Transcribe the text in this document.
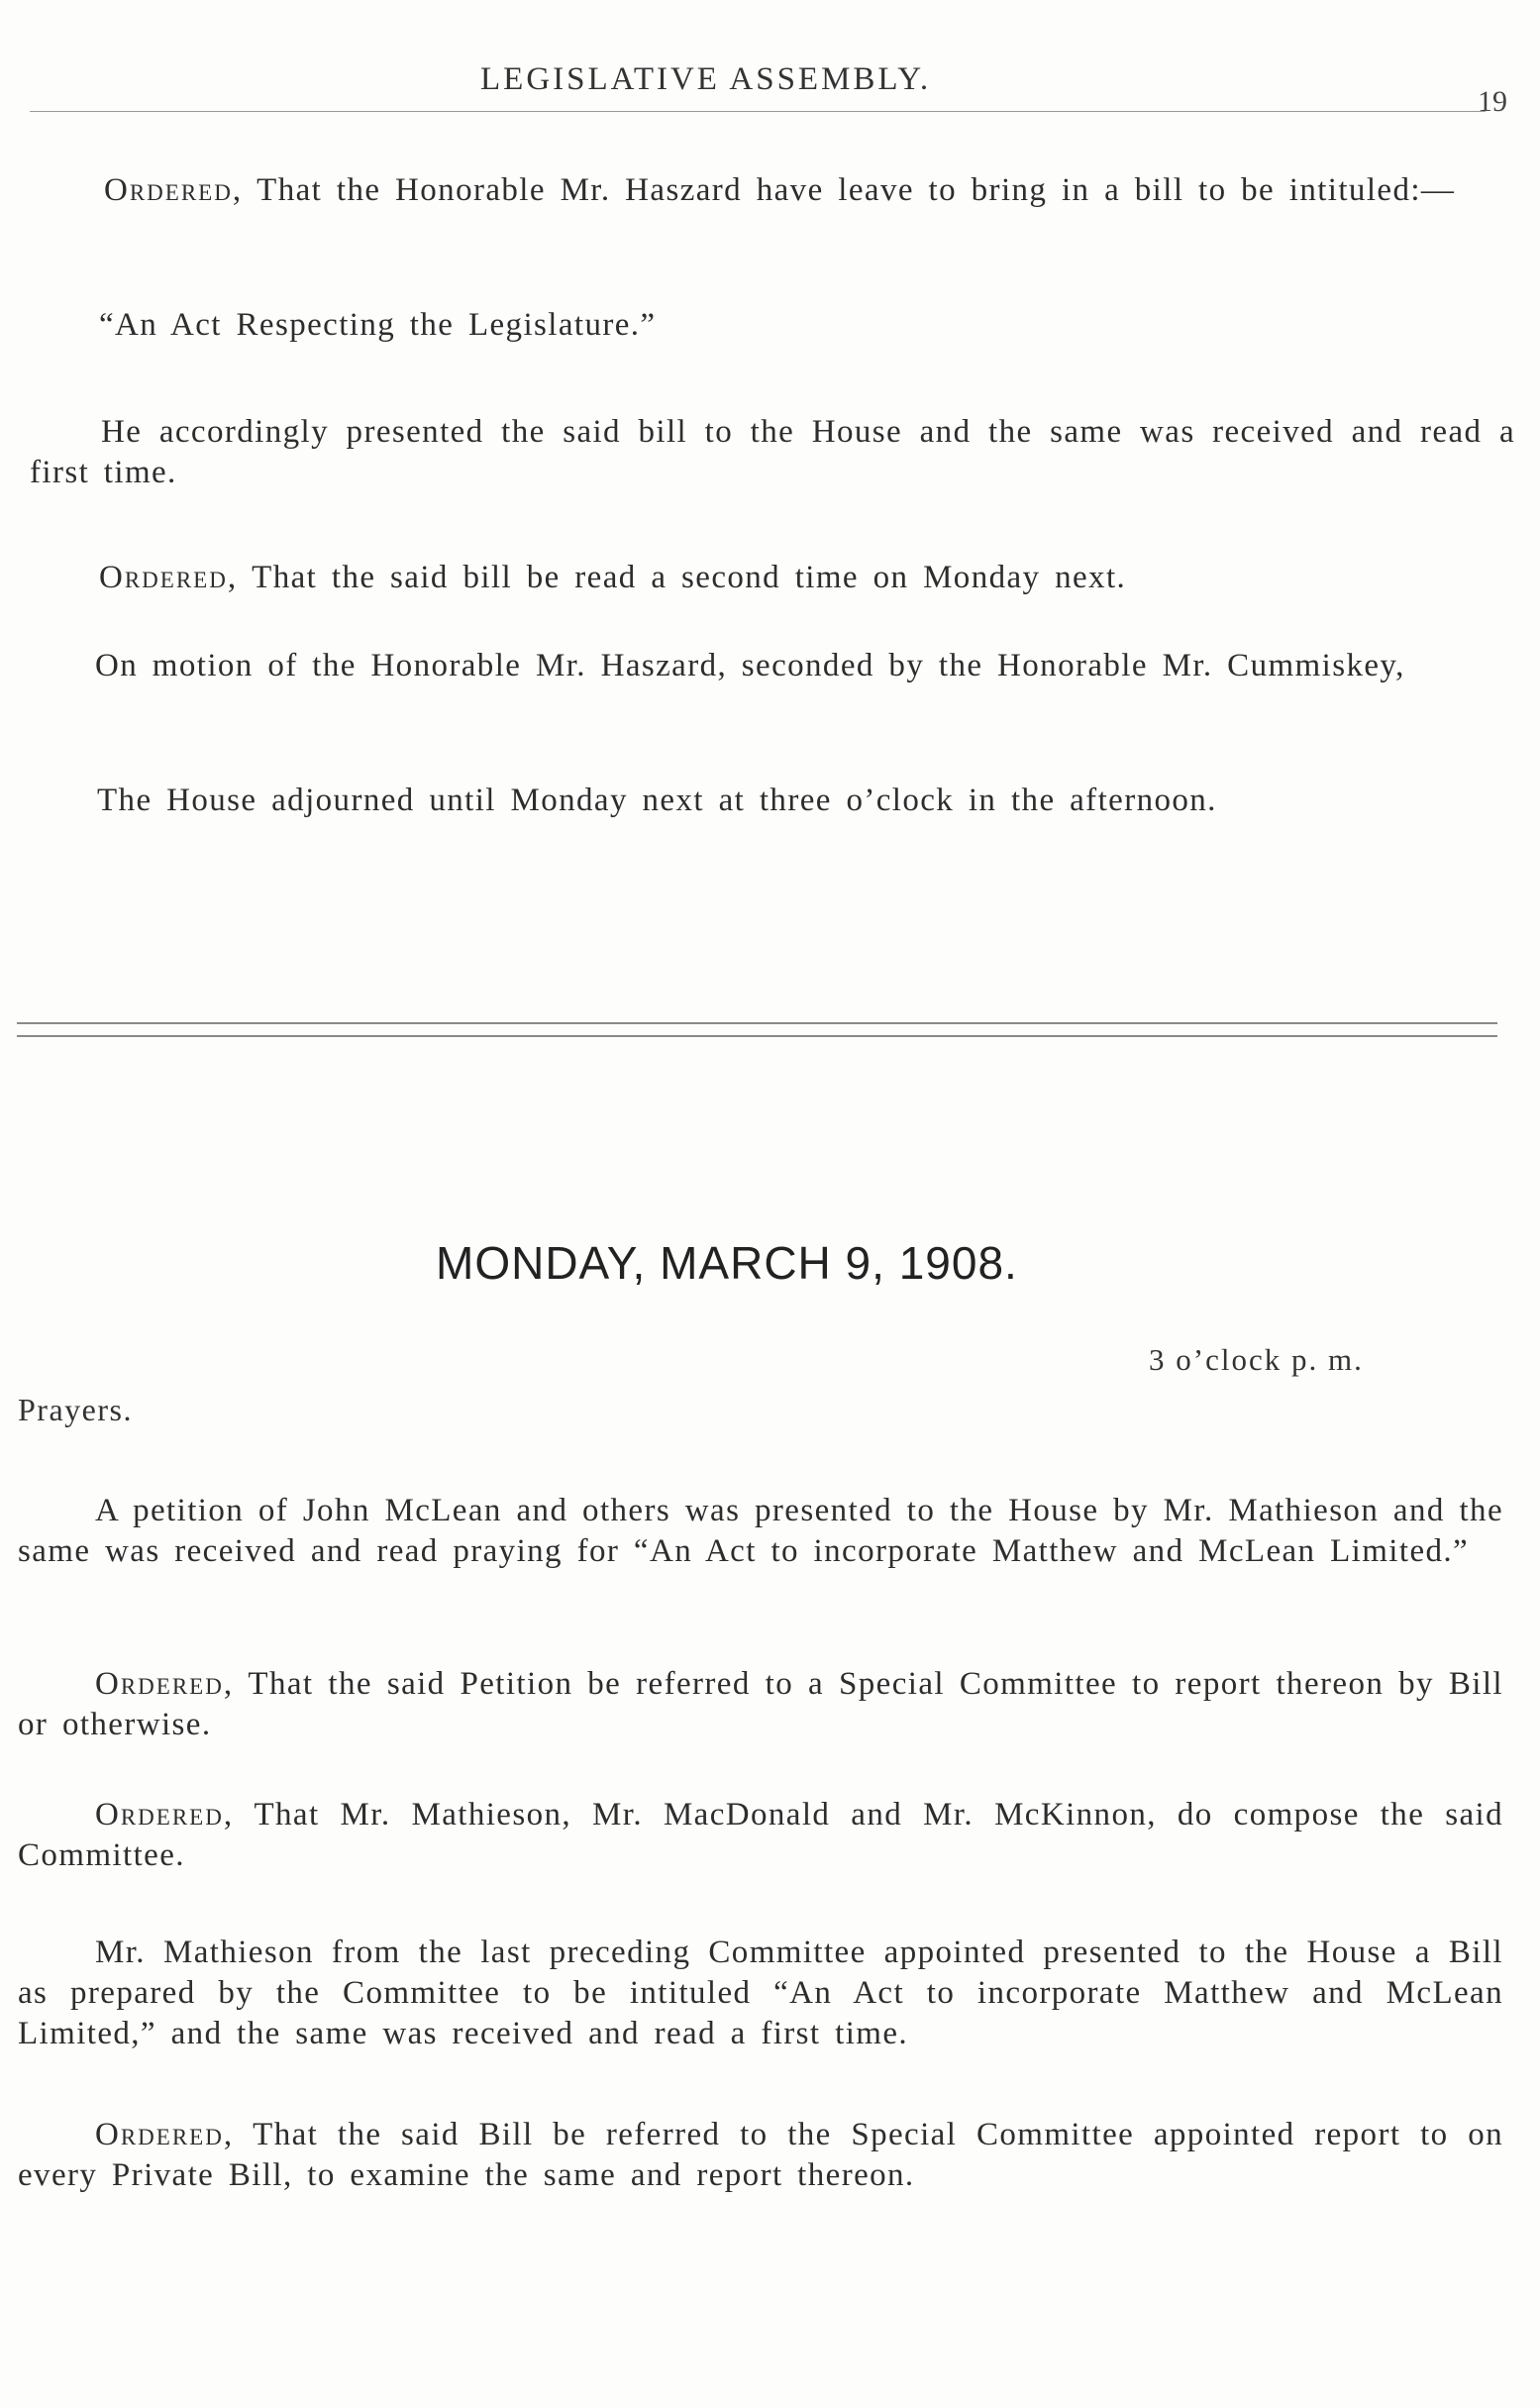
LEGISLATIVE ASSEMBLY.
19

Ordered, That the Honorable Mr. Haszard have leave to bring in a bill to be intituled:—

“An Act Respecting the Legislature.”

He accordingly presented the said bill to the House and the same was received and read a first time.

Ordered, That the said bill be read a second time on Monday next.

On motion of the Honorable Mr. Haszard, seconded by the Honorable Mr. Cummiskey,

The House adjourned until Monday next at three o’clock in the afternoon.

MONDAY, MARCH 9, 1908.
3 o’clock p. m.
Prayers.

A petition of John McLean and others was presented to the House by Mr. Mathieson and the same was received and read praying for “An Act to incorporate Matthew and McLean Limited.”

Ordered, That the said Petition be referred to a Special Committee to report thereon by Bill or otherwise.

Ordered, That Mr. Mathieson, Mr. MacDonald and Mr. McKinnon, do compose the said Committee.

Mr. Mathieson from the last preceding Committee appointed presented to the House a Bill as prepared by the Committee to be intituled “An Act to incorporate Matthew and McLean Limited,” and the same was received and read a first time.

Ordered, That the said Bill be referred to the Special Committee appointed report to on every Private Bill, to examine the same and report thereon.
